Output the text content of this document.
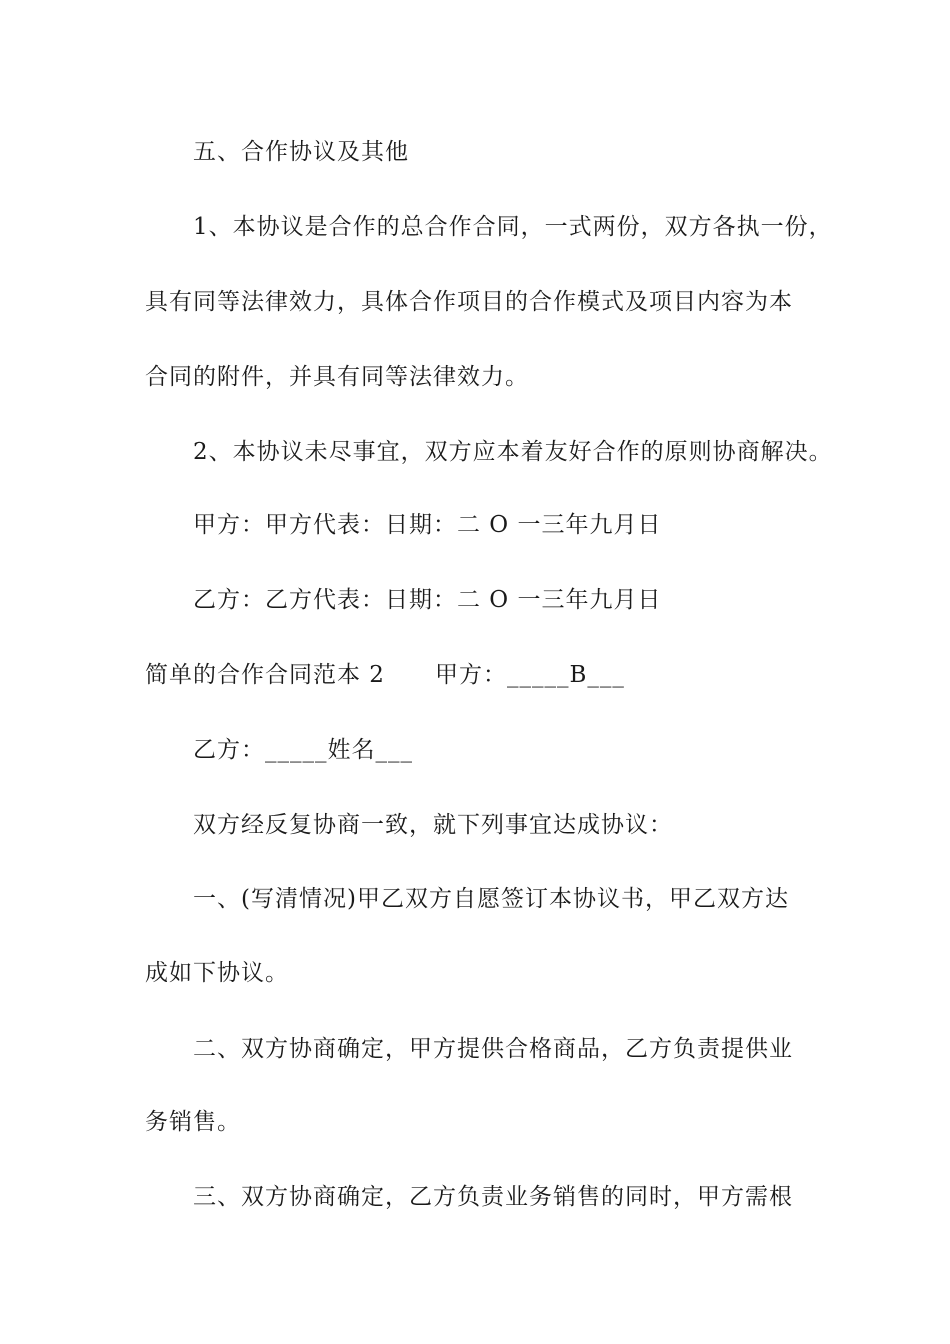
五、合作协议及其他
1、本协议是合作的总合作合同，一式两份，双方各执一份，
具有同等法律效力，具体合作项目的合作模式及项目内容为本
合同的附件，并具有同等法律效力。
2、本协议未尽事宜，双方应本着友好合作的原则协商解决。
甲方：甲方代表：日期：二 O 一三年九月日
乙方：乙方代表：日期：二 O 一三年九月日
简单的合作合同范本 2 甲方：_____B___
乙方：_____姓名___
双方经反复协商一致，就下列事宜达成协议：
一、(写清情况)甲乙双方自愿签订本协议书，甲乙双方达
成如下协议。
二、双方协商确定，甲方提供合格商品，乙方负责提供业
务销售。
三、双方协商确定，乙方负责业务销售的同时，甲方需根
